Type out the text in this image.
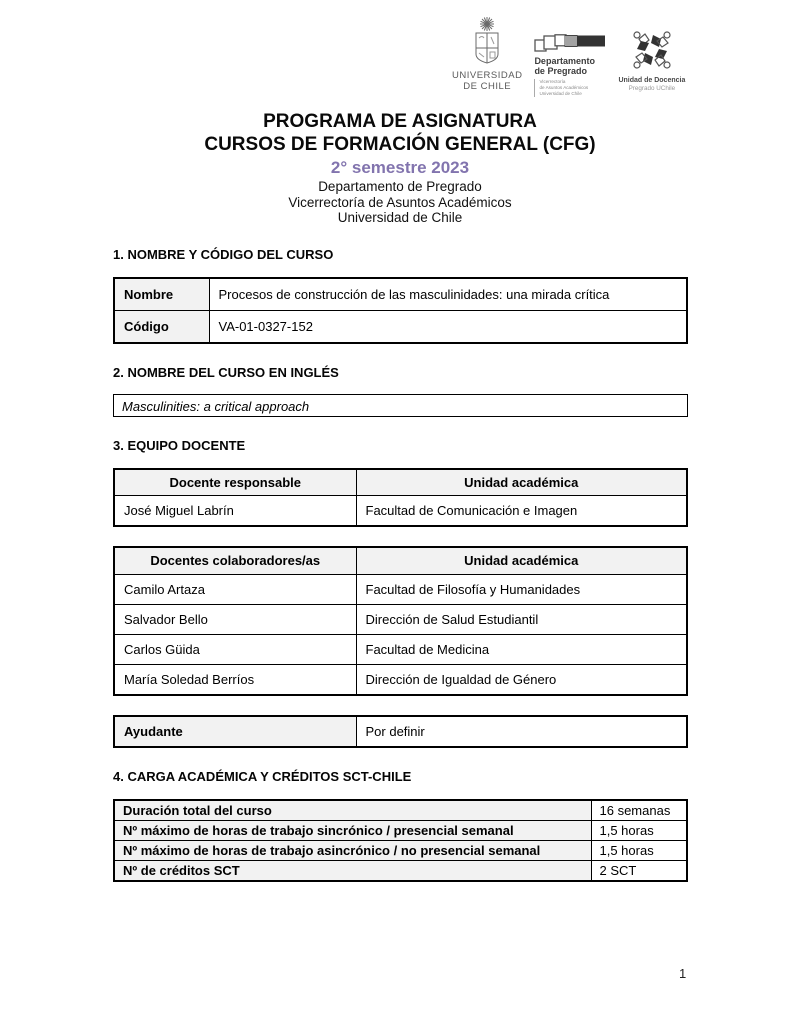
UNIVERSIDAD
DE CHILE
Departamento
de Pregrado
Vicerrectoría
de Asuntos Académicos
Universidad de Chile
Unidad de Docencia
Pregrado UChile
PROGRAMA DE ASIGNATURA
CURSOS DE FORMACIÓN GENERAL (CFG)
2° semestre 2023
Departamento de Pregrado
Vicerrectoría de Asuntos Académicos
Universidad de Chile
1. NOMBRE Y CÓDIGO DEL CURSO
Nombre	Procesos de construcción de las masculinidades: una mirada crítica
Código	VA-01-0327-152
2. NOMBRE DEL CURSO EN INGLÉS
Masculinities: a critical approach
3. EQUIPO DOCENTE
Docente responsable	Unidad académica
José Miguel Labrín	Facultad de Comunicación e Imagen
Docentes colaboradores/as	Unidad académica
Camilo Artaza	Facultad de Filosofía y Humanidades
Salvador Bello	Dirección de Salud Estudiantil
Carlos Güida	Facultad de Medicina
María Soledad Berríos	Dirección de Igualdad de Género
Ayudante	Por definir
4. CARGA ACADÉMICA Y CRÉDITOS SCT-CHILE
Duración total del curso	16 semanas
Nº máximo de horas de trabajo sincrónico / presencial semanal	1,5 horas
Nº máximo de horas de trabajo asincrónico / no presencial semanal	1,5 horas
Nº de créditos SCT	2 SCT
1
